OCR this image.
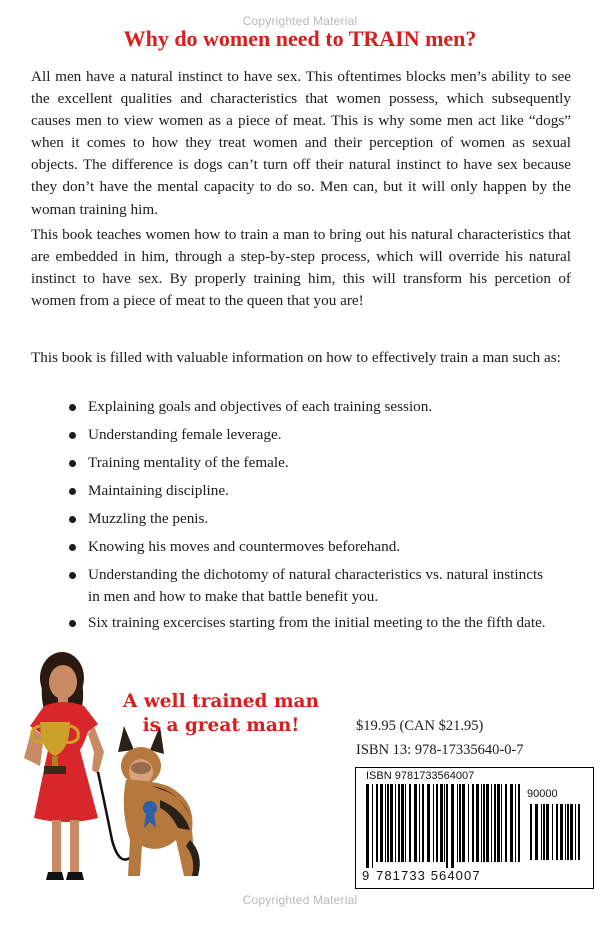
Copyrighted Material
Why do women need to TRAIN men?

All men have a natural instinct to have sex. This oftentimes blocks men’s ability to see the excellent qualities and characteristics that women possess, which subsequently causes men to view women as a piece of meat. This is why some men act like “dogs” when it comes to how they treat women and their perception of women as sexual objects. The difference is dogs can’t turn off their natural instinct to have sex because they don’t have the mental capacity to do so. Men can, but it will only happen by the woman training him.

This book teaches women how to train a man to bring out his natural characteristics that are embedded in him, through a step-by-step process, which will override his natural instinct to have sex. By properly training him, this will transform his percetion of women from a piece of meat to the queen that you are!

This book is filled with valuable information on how to effectively train a man such as:

Explaining goals and objectives of each training session.
Understanding female leverage.
Training mentality of the female.
Maintaining discipline.
Muzzling the penis.
Knowing his moves and countermoves beforehand.
Understanding the dichotomy of natural characteristics vs. natural instincts in men and how to make that battle benefit you.
Six training excercises starting from the initial meeting to the the fifth date.
A well trained man
is a great man!	$19.95 (CAN $21.95)
ISBN 13: 978-17335640-0-7
ISBN 9781733564007
90000
9 781733 564007
Copyrighted Material
